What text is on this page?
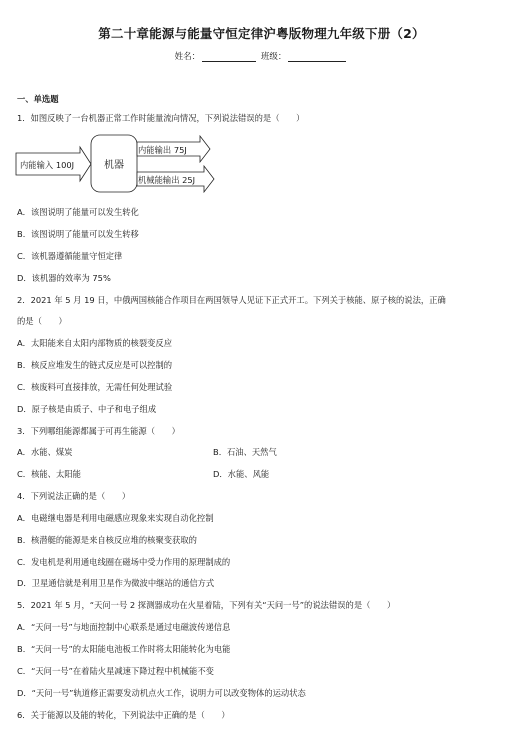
第二十章能源与能量守恒定律沪粤版物理九年级下册（2）
姓名：	班级：
一、单选题
1．如图反映了一台机器正常工作时能量流向情况，下列说法错误的是（　　）
内能输入 100J	机器
内能输出 75J
机械能输出 25J
A．该图说明了能量可以发生转化
B．该图说明了能量可以发生转移
C．该机器遵循能量守恒定律
D．该机器的效率为 75%
2．2021 年 5 月 19 日，中俄两国核能合作项目在两国领导人见证下正式开工。下列关于核能、原子核的说法，正确
的是（　　）
A．太阳能来自太阳内部物质的核裂变反应
B．核反应堆发生的链式反应是可以控制的
C．核废料可直接排放，无需任何处理试验
D．原子核是由质子、中子和电子组成
3．下列哪组能源都属于可再生能源（　　）
A．水能、煤炭	B．石油、天然气
C．核能、太阳能	D．水能、风能
4．下列说法正确的是（　　）
A．电磁继电器是利用电磁感应现象来实现自动化控制
B．核潜艇的能源是来自核反应堆的核聚变获取的
C．发电机是利用通电线圈在磁场中受力作用的原理制成的
D．卫星通信就是利用卫星作为微波中继站的通信方式
5．2021 年 5 月，“天问一号 2 探测器成功在火星着陆，下列有关“天问一号”的说法错误的是（　　）
A．“天问一号”与地面控制中心联系是通过电磁波传递信息
B．“天问一号”的太阳能电池板工作时将太阳能转化为电能
C．“天问一号”在着陆火星减速下降过程中机械能不变
D．“天问一号”轨道修正需要发动机点火工作，说明力可以改变物体的运动状态
6．关于能源以及能的转化，下列说法中正确的是（　　）
